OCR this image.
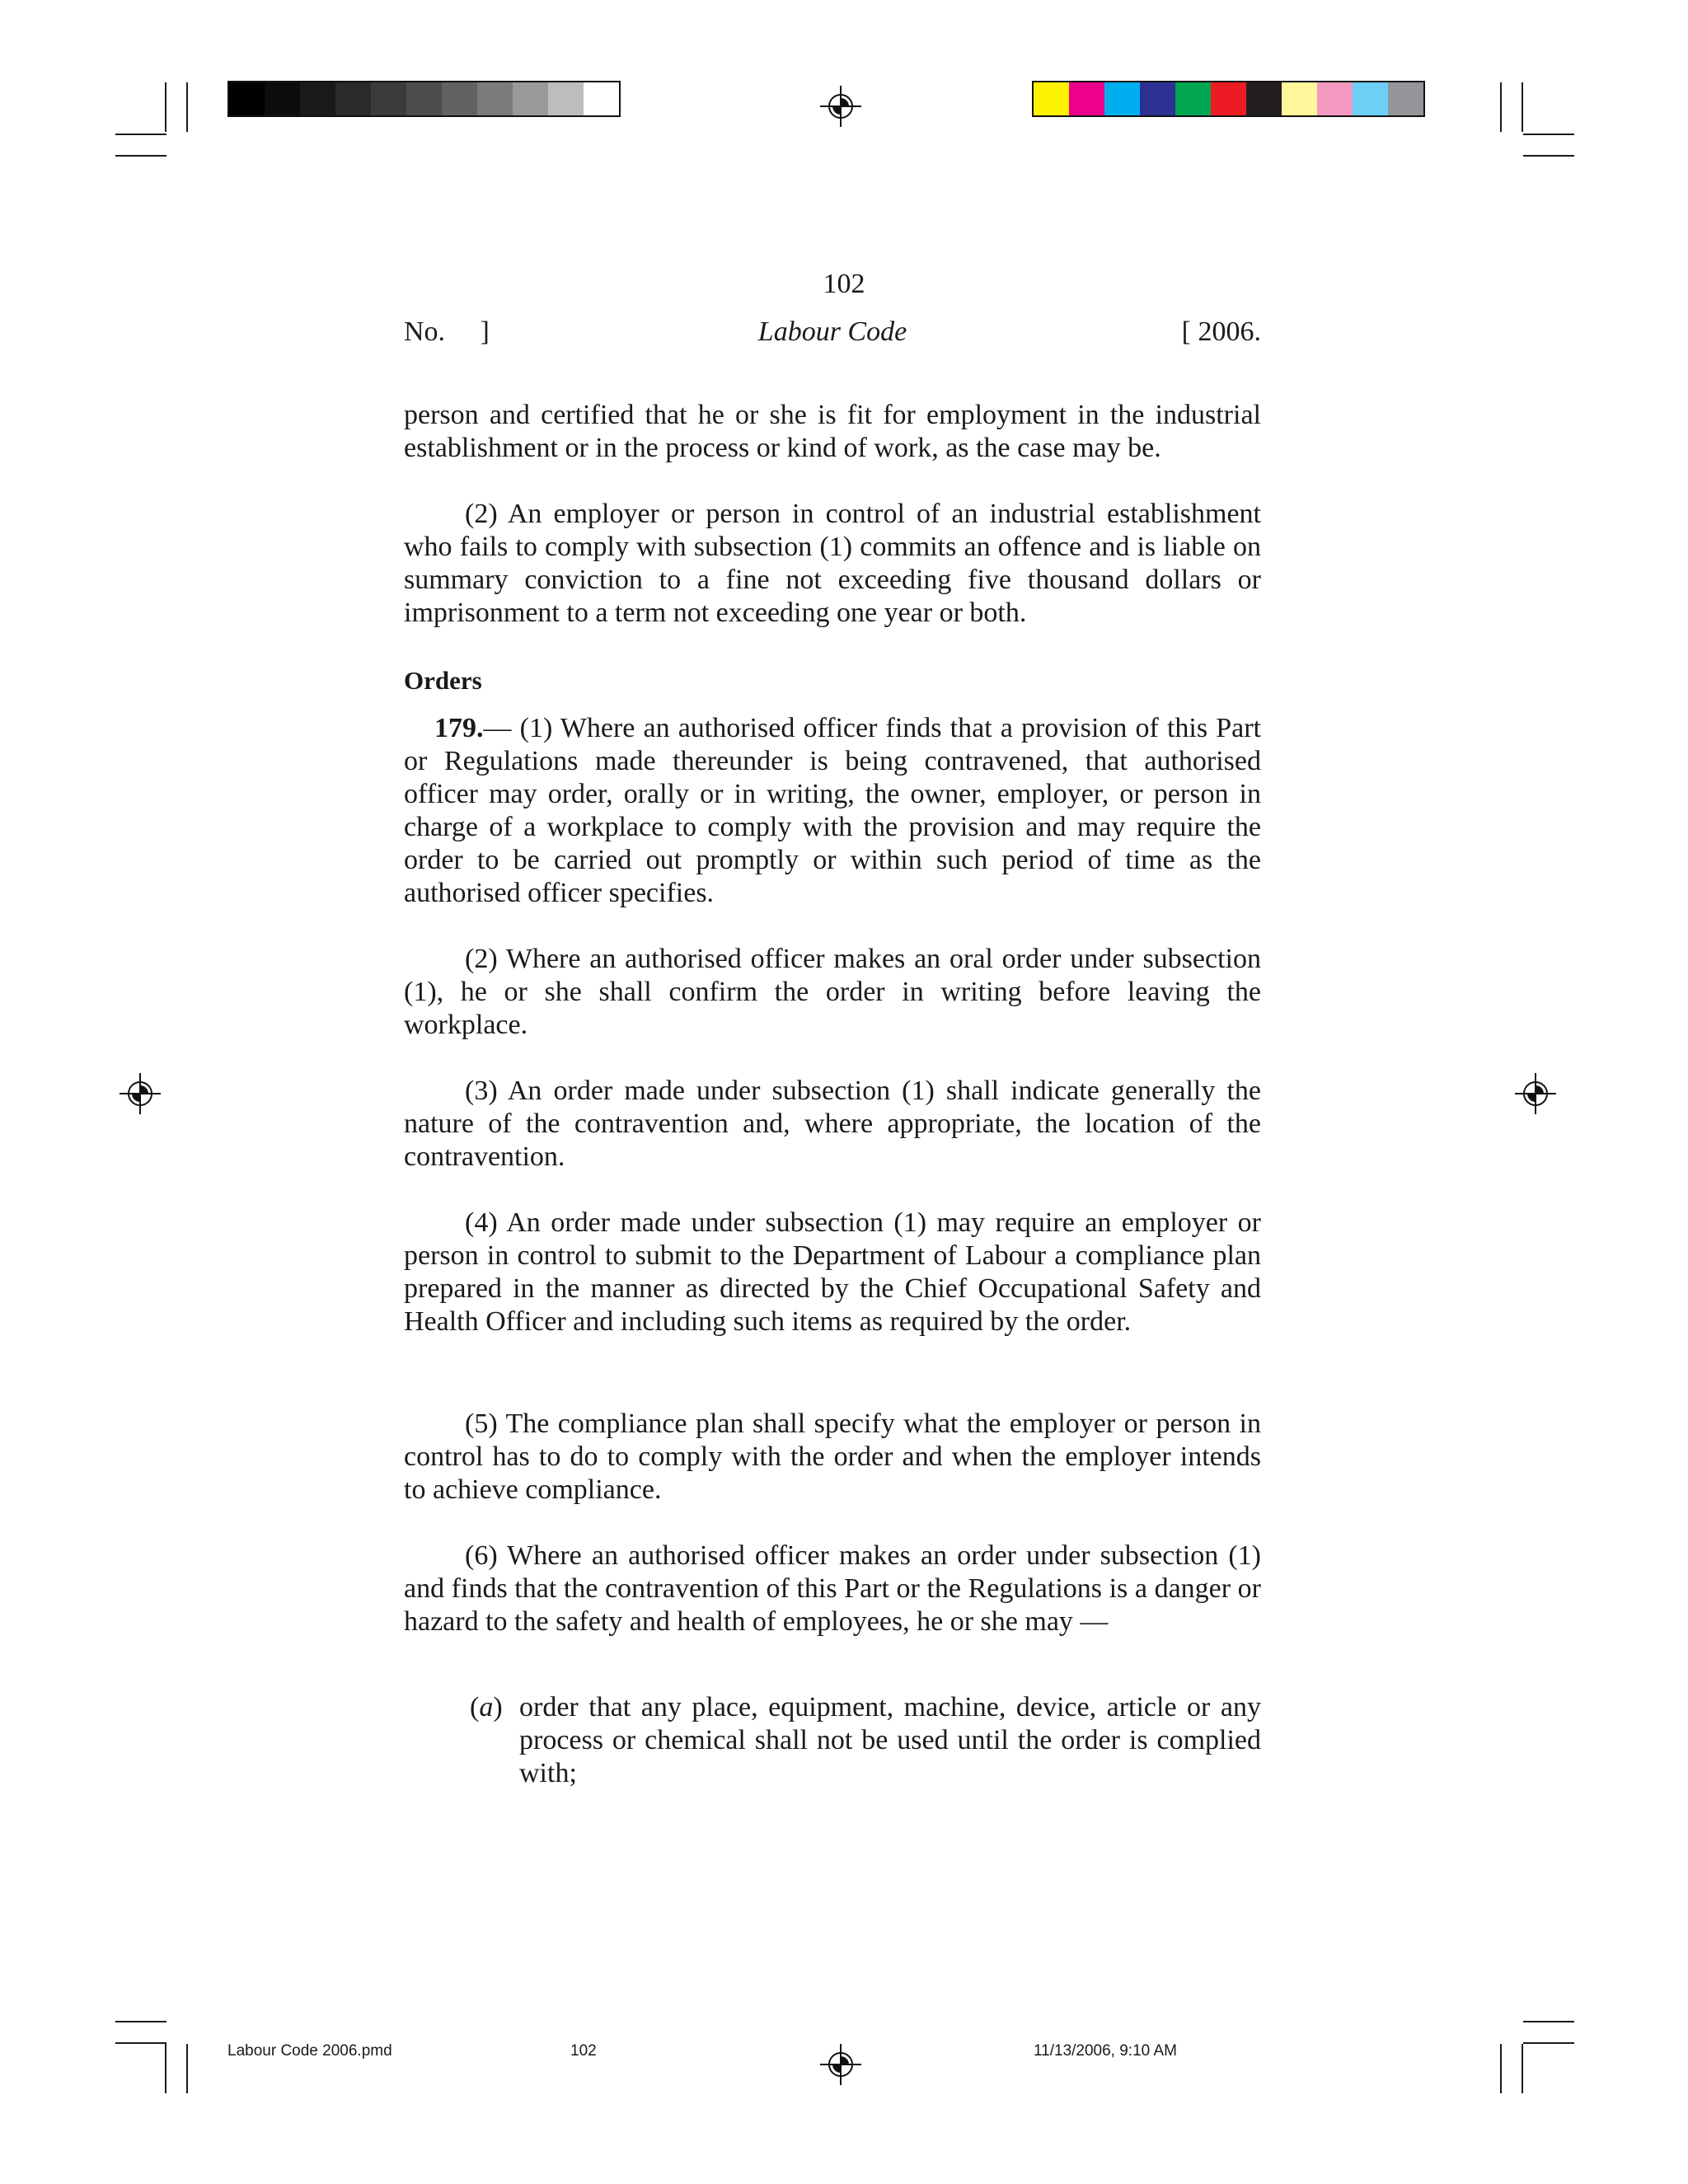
102
No.     ]	Labour Code	[ 2006.

person and certified that he or she is fit for employment in the industrial establishment or in the process or kind of work, as the case may be.

(2) An employer or person in control of an industrial establishment who fails to comply with subsection (1) commits an offence and is liable on summary conviction to a fine not exceeding five thousand dollars or imprisonment to a term not exceeding one year or both.

Orders

179.— (1) Where an authorised officer finds that a provision of this Part or Regulations made thereunder is being contravened, that authorised officer may order, orally or in writing, the owner, employer, or person in charge of a workplace to comply with the provision and may require the order to be carried out promptly or within such period of time as the authorised officer specifies.

(2) Where an authorised officer makes an oral order under subsection (1), he or she shall confirm the order in writing before leaving the workplace.

(3) An order made under subsection (1) shall indicate generally the nature of the contravention and, where appropriate, the location of the contravention.

(4) An order made under subsection (1) may require an employer or person in control to submit to the Department of Labour a compliance plan prepared in the manner as directed by the Chief Occupational Safety and Health Officer and including such items as required by the order.

(5) The compliance plan shall specify what the employer or person in control has to do to comply with the order and when the employer intends to achieve compliance.

(6) Where an authorised officer makes an order under subsection (1) and finds that the contravention of this Part or the Regulations is a danger or hazard to the safety and health of employees, he or she may —

(a) order that any place, equipment, machine, device, article or any process or chemical shall not be used until the order is complied with;
Labour Code 2006.pmd	102	11/13/2006, 9:10 AM
